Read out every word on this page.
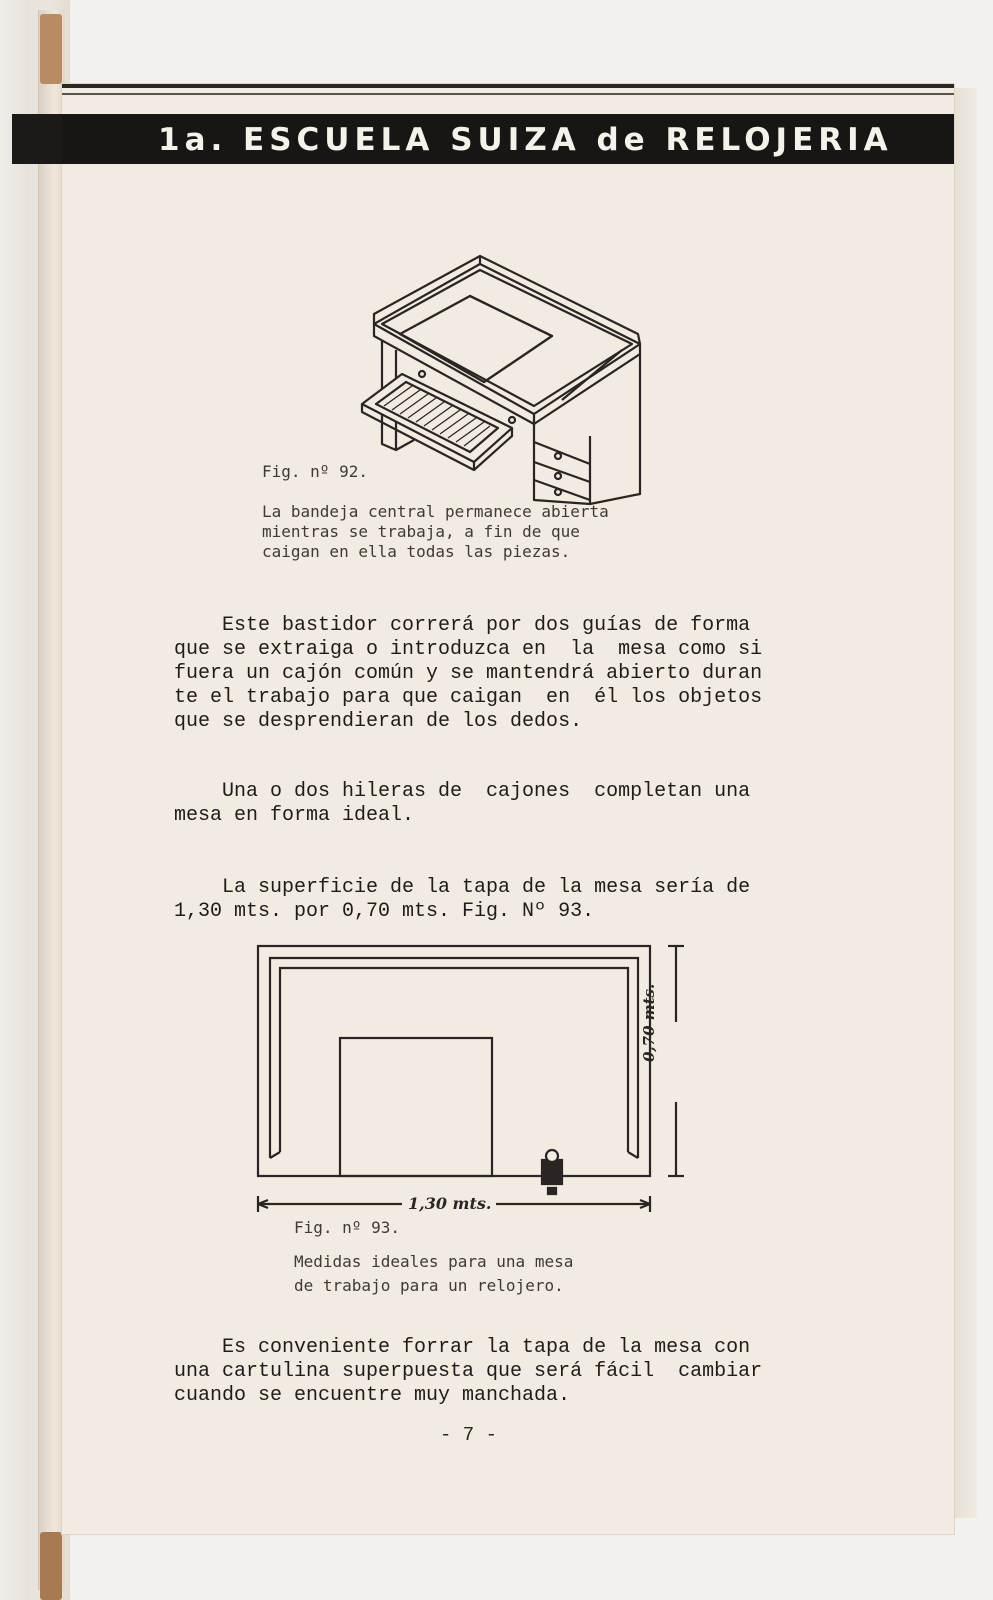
1a. ESCUELA SUIZA de RELOJERIA
Fig. nº 92.
La bandeja central permanece abierta
mientras se trabaja, a fin de que
caigan en ella todas las piezas.
Este bastidor correrá por dos guías de forma
que se extraiga o introduzca en  la  mesa como si
fuera un cajón común y se mantendrá abierto duran
te el trabajo para que caigan  en  él los objetos
que se desprendieran de los dedos.
Una o dos hileras de  cajones  completan una
mesa en forma ideal.
La superficie de la tapa de la mesa sería de
1,30 mts. por 0,70 mts. Fig. Nº 93.
1,30 mts.
0,70 mts.
Fig. nº 93.
Medidas ideales para una mesa
de trabajo para un relojero.
Es conveniente forrar la tapa de la mesa con
una cartulina superpuesta que será fácil  cambiar
cuando se encuentre muy manchada.
- 7 -
